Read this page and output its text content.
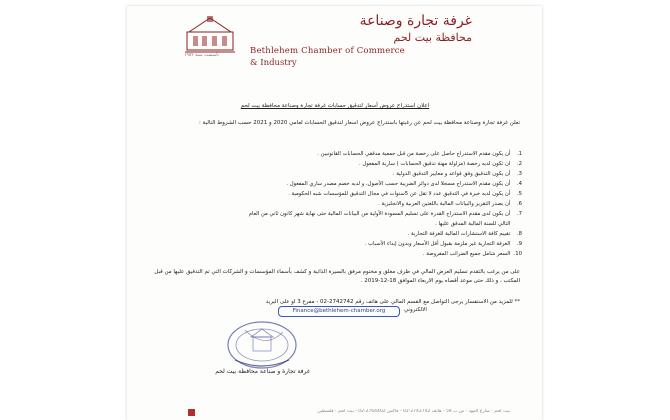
تأسست سنة ١٩٥٢
غرفة تجارة وصناعة
محافظة بيت لحم
Bethlehem Chamber of Commerce
& Industry
اعلان استدراج عروض أسعار لتدقيق حسابات غرفة تجارة وصناعة محافظة بيت لحم
تعلن غرفة تجارة وصناعة محافظة بيت لحم عن رغبتها باستدراج عروض اسعار لتدقيق الحسابات لعامي 2020 و 2021 حسب الشروط التالية :
1. أن يكون مقدم الاستدراج حاصل على رخصة من قبل جمعية مدققي الحسابات القانونيين .
2. ان تكون لديه رخصة (مزاولة مهنة تدقيق الحسابات ) سارية المفعول .
3. أن يكون التدقيق وفق قواعد و معايير التدقيق الدولية .
4. أن يكون مقدم الاستدراج مسجلا لدى دوائر الضريبة حسب الأصول، و لديه خصم مصدر ساري المفعول .
5. أن يكون لديه خبرة في التدقيق عدد لا تقل عن 5سنوات في مجال التدقيق للمؤسسات شبه الحكومية .
6. أن يصدر التقرير والبيانات المالية باللغتين العربية والانجليزية .
7. أن يكون لدى مقدم الاستدراج القدرة على تسليم المسودة الأولية من البيانات المالية حتى نهاية شهر كانون ثاني من العام
التالي للسنة المالية المدقق عليها .
8. تقييم كافة الاستشارات المالية للغرفة التجارية .
9. الغرفة التجارية غير ملزمة بقبول أقل الأسعار وبدون إبداء الأسباب .
10. السعر شامل جميع الضرائب المفروضة .
على من يرغب بالتقدم تسليم العرض المالي في ظرف مغلق و مختوم مرفق بالسيرة الذاتية و كشف بأسماء المؤسسات و الشركات التي تم التدقيق عليها من قبل المكتب ، و ذلك حتى موعد أقصاه يوم الاربعاء الموافق 18-12-2019 .
** للمزيد من الاستفسار يرجى التواصل مع القسم المالي على هاتف رقم 2742742-02 - مفرع 3 او على البريد
الالكتروني
Finance@bethlehem-chamber.org
غرفة تجارة و صناعة محافظة بيت لحم
بيت لحم - شارع المهد - ص.ب 59 - هاتف 2742742-02 - فاكس 2764402-02 - بيت لحم - فلسطين
